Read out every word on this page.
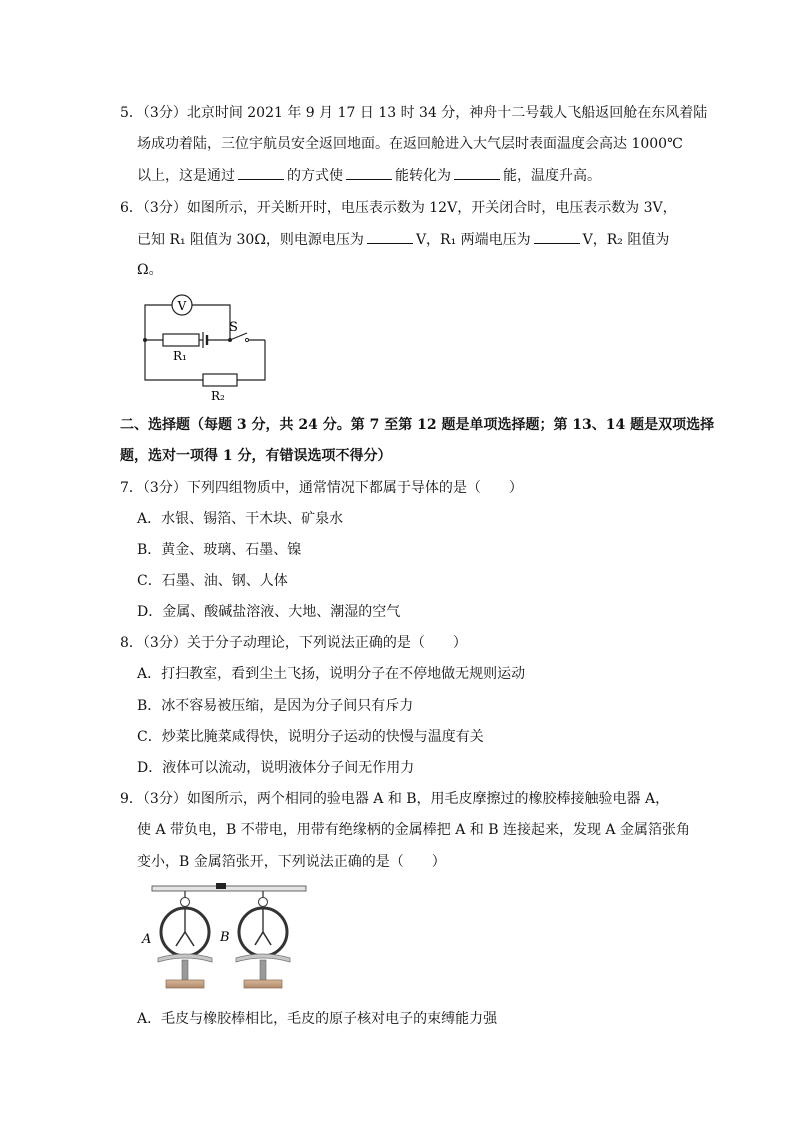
5．（3分）北京时间 2021 年 9 月 17 日 13 时 34 分，神舟十二号载人飞船返回舱在东风着陆
场成功着陆，三位宇航员安全返回地面。在返回舱进入大气层时表面温度会高达 1000℃
以上，这是通过	的方式使	能转化为	能，温度升高。
6．（3分）如图所示，开关断开时，电压表示数为 12V，开关闭合时，电压表示数为 3V，
已知 R₁ 阻值为 30Ω，则电源电压为	V，R₁ 两端电压为	V，R₂ 阻值为
Ω。
V
S
R₁
R₂
二、选择题（每题 3 分，共 24 分。第 7 至第 12 题是单项选择题；第 13、14 题是双项选择
题，选对一项得 1 分，有错误选项不得分）
7．（3分）下列四组物质中，通常情况下都属于导体的是（　　）
A．水银、锡箔、干木块、矿泉水
B．黄金、玻璃、石墨、镍
C．石墨、油、钢、人体
D．金属、酸碱盐溶液、大地、潮湿的空气
8．（3分）关于分子动理论，下列说法正确的是（　　）
A．打扫教室，看到尘土飞扬，说明分子在不停地做无规则运动
B．冰不容易被压缩，是因为分子间只有斥力
C．炒菜比腌菜咸得快，说明分子运动的快慢与温度有关
D．液体可以流动，说明液体分子间无作用力
9．（3分）如图所示，两个相同的验电器 A 和 B，用毛皮摩擦过的橡胶棒接触验电器 A，
使 A 带负电，B 不带电，用带有绝缘柄的金属棒把 A 和 B 连接起来，发现 A 金属箔张角
变小，B 金属箔张开，下列说法正确的是（　　）
A	B
A．毛皮与橡胶棒相比，毛皮的原子核对电子的束缚能力强
